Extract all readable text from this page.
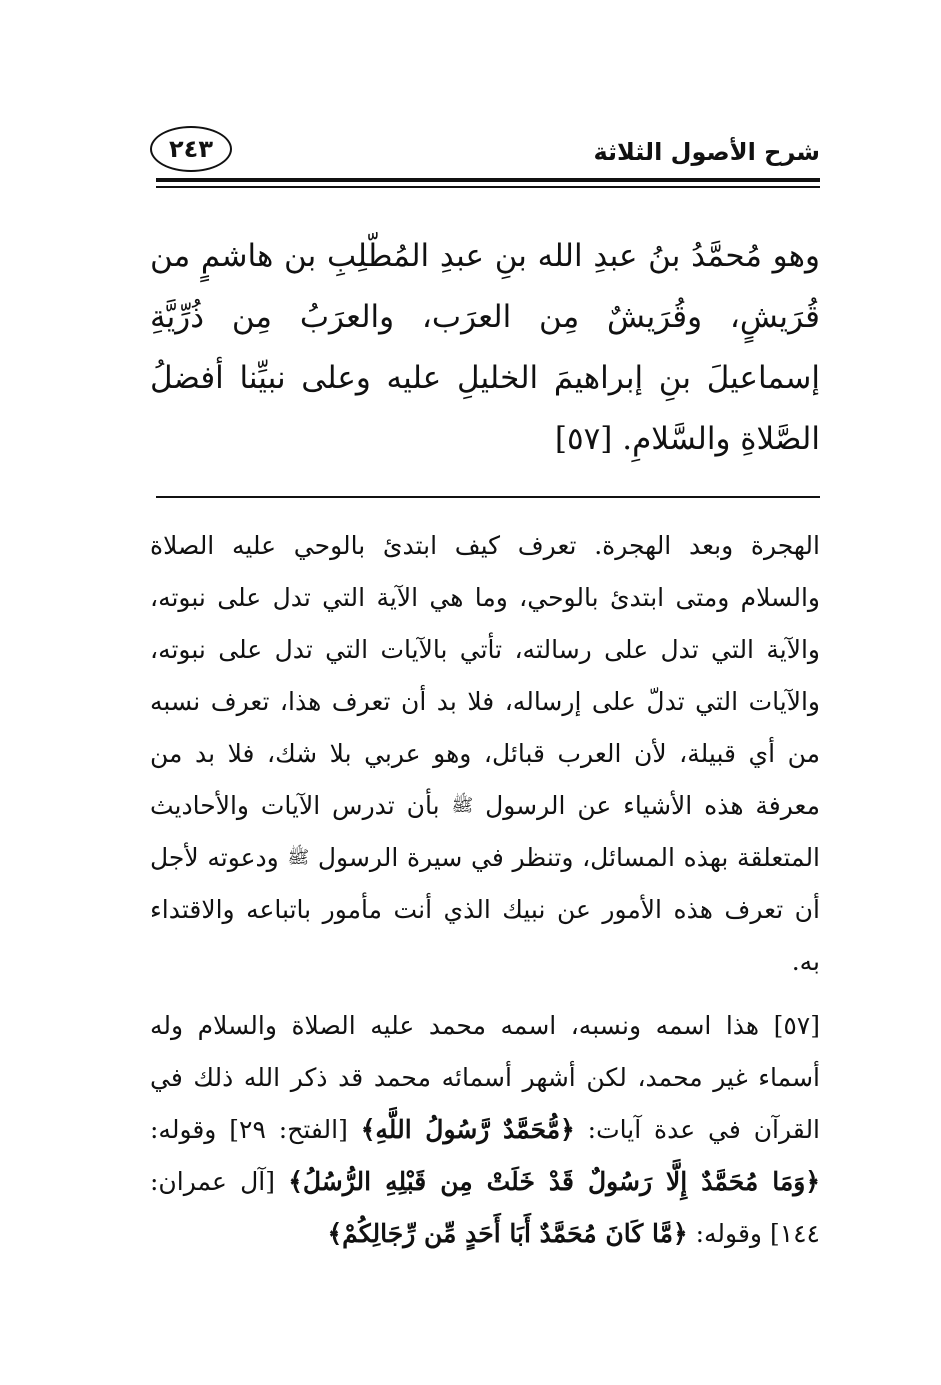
شرح الأصول الثلاثة
٢٤٣

وهو مُحمَّدُ بنُ عبدِ الله بنِ عبدِ المُطّلِبِ بن هاشمٍ من قُرَيشٍ، وقُرَيشٌ مِن العرَب، والعرَبُ مِن ذُرِّيَّةِ إسماعيلَ بنِ إبراهيمَ الخليلِ عليه وعلى نبيِّنا أفضلُ الصَّلاةِ والسَّلامِ. [٥٧]

الهجرة وبعد الهجرة. تعرف كيف ابتدئ بالوحي عليه الصلاة والسلام ومتى ابتدئ بالوحي، وما هي الآية التي تدل على نبوته، والآية التي تدل على رسالته، تأتي بالآيات التي تدل على نبوته، والآيات التي تدلّ على إرساله، فلا بد أن تعرف هذا، تعرف نسبه من أي قبيلة، لأن العرب قبائل، وهو عربي بلا شك، فلا بد من معرفة هذه الأشياء عن الرسول ﷺ بأن تدرس الآيات والأحاديث المتعلقة بهذه المسائل، وتنظر في سيرة الرسول ﷺ ودعوته لأجل أن تعرف هذه الأمور عن نبيك الذي أنت مأمور باتباعه والاقتداء به.

[٥٧] هذا اسمه ونسبه، اسمه محمد عليه الصلاة والسلام وله أسماء غير محمد، لكن أشهر أسمائه محمد قد ذكر الله ذلك في القرآن في عدة آيات: ﴿مُّحَمَّدٌ رَّسُولُ اللَّهِ﴾ [الفتح: ٢٩] وقوله: ﴿وَمَا مُحَمَّدٌ إِلَّا رَسُولٌ قَدْ خَلَتْ مِن قَبْلِهِ الرُّسُلُ﴾ [آل عمران: ١٤٤] وقوله: ﴿مَّا كَانَ مُحَمَّدٌ أَبَا أَحَدٍ مِّن رِّجَالِكُمْ﴾
